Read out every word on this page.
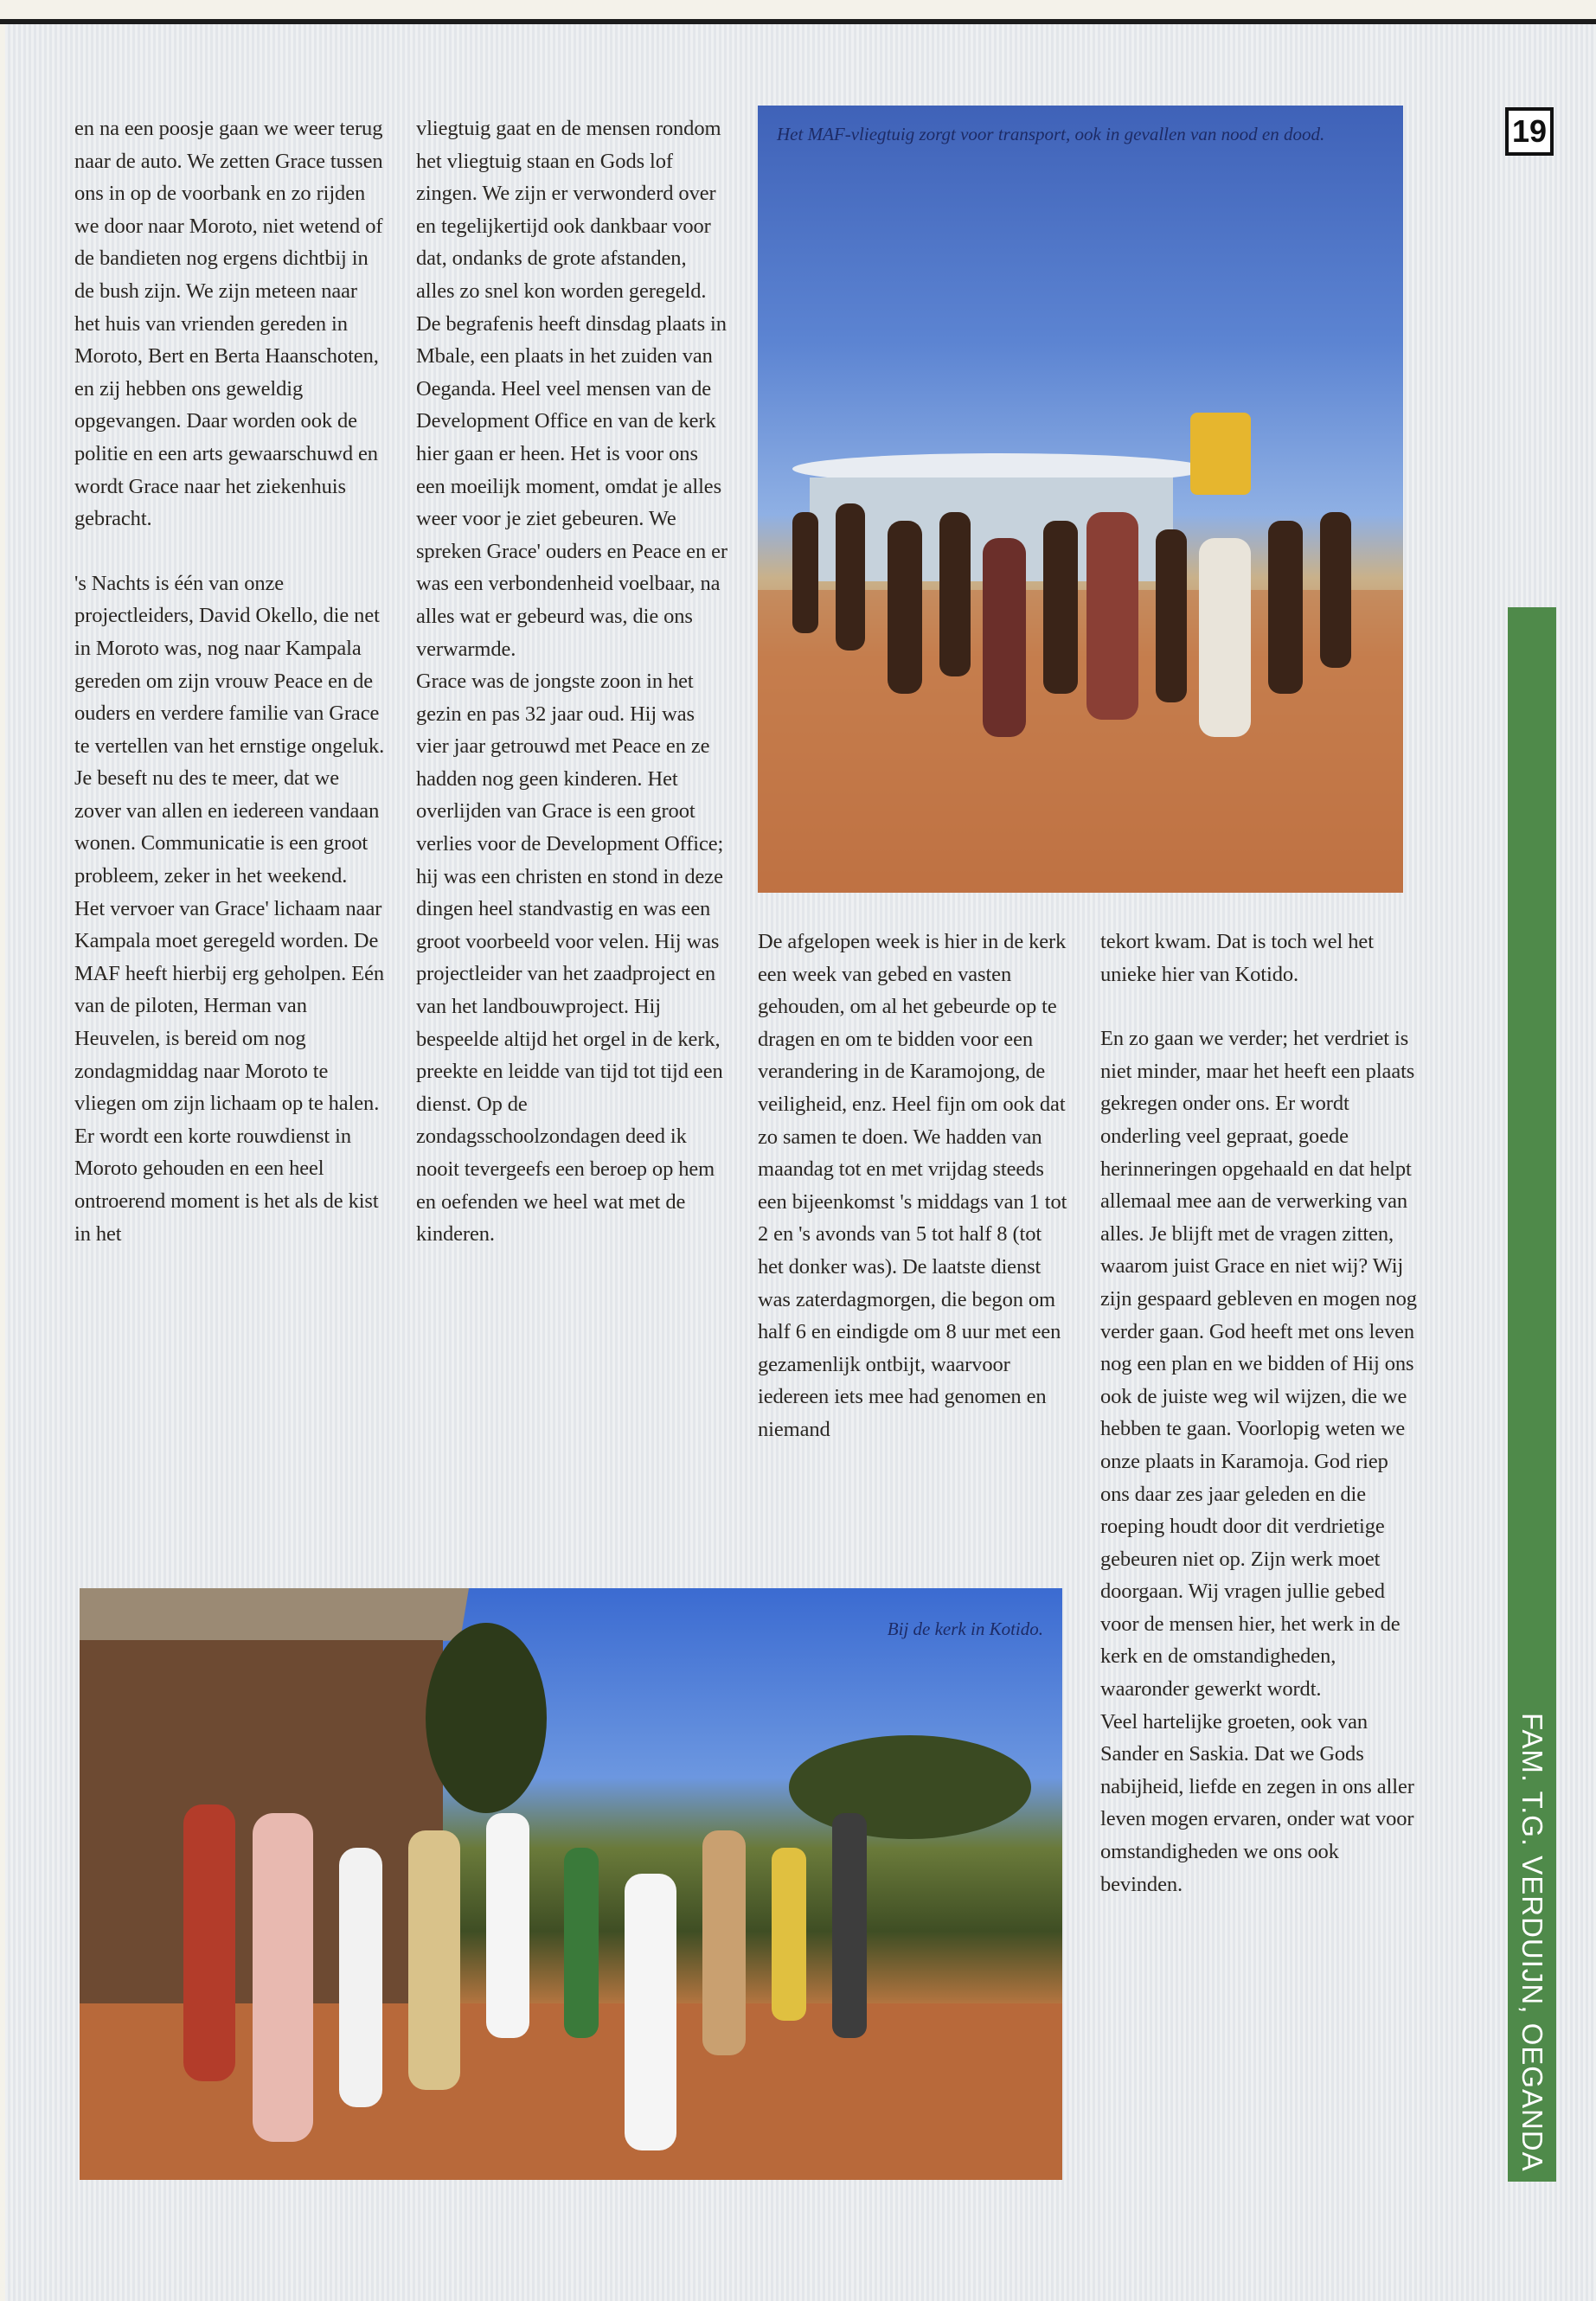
19
FAM. T.G. VERDUIJN, OEGANDA

en na een poosje gaan we weer terug naar de auto. We zetten Grace tussen ons in op de voorbank en zo rijden we door naar Moroto, niet wetend of de bandieten nog ergens dichtbij in de bush zijn. We zijn meteen naar het huis van vrienden gereden in Moroto, Bert en Berta Haanschoten, en zij hebben ons geweldig opgevangen. Daar worden ook de politie en een arts gewaarschuwd en wordt Grace naar het ziekenhuis gebracht.

's Nachts is één van onze projectleiders, David Okello, die net in Moroto was, nog naar Kampala gereden om zijn vrouw Peace en de ouders en verdere familie van Grace te vertellen van het ernstige ongeluk. Je beseft nu des te meer, dat we zover van allen en iedereen vandaan wonen. Communicatie is een groot probleem, zeker in het weekend.

Het vervoer van Grace' lichaam naar Kampala moet geregeld worden. De MAF heeft hierbij erg geholpen. Eén van de piloten, Herman van Heuvelen, is bereid om nog zondagmiddag naar Moroto te vliegen om zijn lichaam op te halen.

Er wordt een korte rouwdienst in Moroto gehouden en een heel ontroerend moment is het als de kist in het

vliegtuig gaat en de mensen rondom het vliegtuig staan en Gods lof zingen. We zijn er verwonderd over en tegelijkertijd ook dankbaar voor dat, ondanks de grote afstanden, alles zo snel kon worden geregeld.

De begrafenis heeft dinsdag plaats in Mbale, een plaats in het zuiden van Oeganda. Heel veel mensen van de Development Office en van de kerk hier gaan er heen. Het is voor ons een moeilijk moment, omdat je alles weer voor je ziet gebeuren. We spreken Grace' ouders en Peace en er was een verbondenheid voelbaar, na alles wat er gebeurd was, die ons verwarmde.

Grace was de jongste zoon in het gezin en pas 32 jaar oud. Hij was vier jaar getrouwd met Peace en ze hadden nog geen kinderen. Het overlijden van Grace is een groot verlies voor de Development Office; hij was een christen en stond in deze dingen heel standvastig en was een groot voorbeeld voor velen. Hij was projectleider van het zaadproject en van het landbouwproject. Hij bespeelde altijd het orgel in de kerk, preekte en leidde van tijd tot tijd een dienst. Op de zondagsschoolzondagen deed ik nooit tevergeefs een beroep op hem en oefenden we heel wat met de kinderen.

De afgelopen week is hier in de kerk een week van gebed en vasten gehouden, om al het gebeurde op te dragen en om te bidden voor een verandering in de Karamojong, de veiligheid, enz. Heel fijn om ook dat zo samen te doen. We hadden van maandag tot en met vrijdag steeds een bijeenkomst 's middags van 1 tot 2 en 's avonds van 5 tot half 8 (tot het donker was). De laatste dienst was zaterdagmorgen, die begon om half 6 en eindigde om 8 uur met een gezamenlijk ontbijt, waarvoor iedereen iets mee had genomen en niemand

tekort kwam. Dat is toch wel het unieke hier van Kotido.

En zo gaan we verder; het verdriet is niet minder, maar het heeft een plaats gekregen onder ons. Er wordt onderling veel gepraat, goede herinneringen opgehaald en dat helpt allemaal mee aan de verwerking van alles. Je blijft met de vragen zitten, waarom juist Grace en niet wij? Wij zijn gespaard gebleven en mogen nog verder gaan. God heeft met ons leven nog een plan en we bidden of Hij ons ook de juiste weg wil wijzen, die we hebben te gaan. Voorlopig weten we onze plaats in Karamoja. God riep ons daar zes jaar geleden en die roeping houdt door dit verdrietige gebeuren niet op. Zijn werk moet doorgaan. Wij vragen jullie gebed voor de mensen hier, het werk in de kerk en de omstandigheden, waaronder gewerkt wordt.

Veel hartelijke groeten, ook van Sander en Saskia. Dat we Gods nabijheid, liefde en zegen in ons aller leven mogen ervaren, onder wat voor omstandigheden we ons ook bevinden.

Het MAF-vliegtuig zorgt voor transport, ook in gevallen van nood en dood.
Bij de kerk in Kotido.
